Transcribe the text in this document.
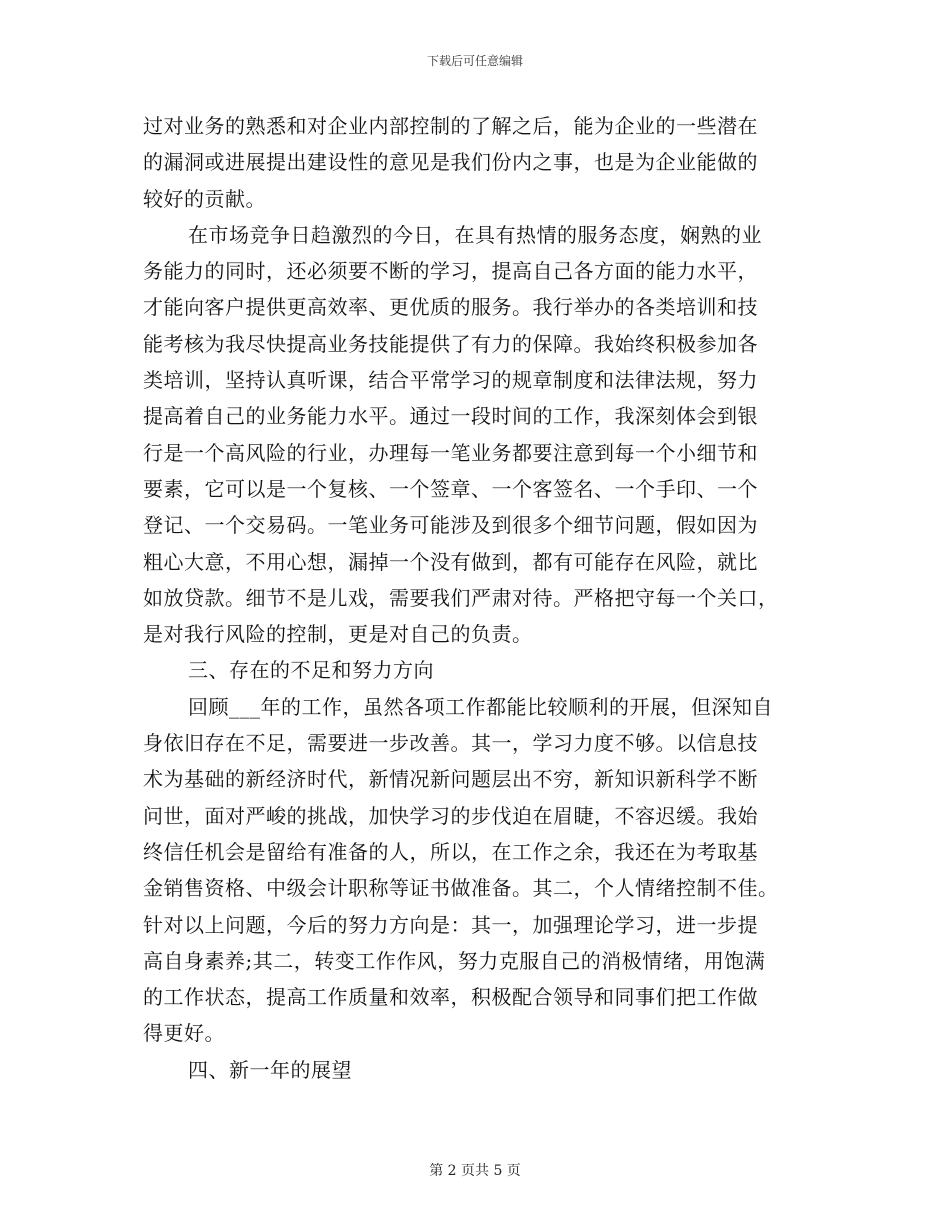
下载后可任意编辑
过对业务的熟悉和对企业内部控制的了解之后，能为企业的一些潜在
的漏洞或进展提出建设性的意见是我们份内之事，也是为企业能做的
较好的贡献。
在市场竞争日趋激烈的今日，在具有热情的服务态度，娴熟的业
务能力的同时，还必须要不断的学习，提高自己各方面的能力水平，
才能向客户提供更高效率、更优质的服务。我行举办的各类培训和技
能考核为我尽快提高业务技能提供了有力的保障。我始终积极参加各
类培训，坚持认真听课，结合平常学习的规章制度和法律法规，努力
提高着自己的业务能力水平。通过一段时间的工作，我深刻体会到银
行是一个高风险的行业，办理每一笔业务都要注意到每一个小细节和
要素，它可以是一个复核、一个签章、一个客签名、一个手印、一个
登记、一个交易码。一笔业务可能涉及到很多个细节问题，假如因为
粗心大意，不用心想，漏掉一个没有做到，都有可能存在风险，就比
如放贷款。细节不是儿戏，需要我们严肃对待。严格把守每一个关口，
是对我行风险的控制，更是对自己的负责。
三、存在的不足和努力方向
回顾___年的工作，虽然各项工作都能比较顺利的开展，但深知自
身依旧存在不足，需要进一步改善。其一，学习力度不够。以信息技
术为基础的新经济时代，新情况新问题层出不穷，新知识新科学不断
问世，面对严峻的挑战，加快学习的步伐迫在眉睫，不容迟缓。我始
终信任机会是留给有准备的人，所以，在工作之余，我还在为考取基
金销售资格、中级会计职称等证书做准备。其二，个人情绪控制不佳。
针对以上问题，今后的努力方向是：其一，加强理论学习，进一步提
高自身素养;其二，转变工作作风，努力克服自己的消极情绪，用饱满
的工作状态，提高工作质量和效率，积极配合领导和同事们把工作做
得更好。
四、新一年的展望
第 2 页共 5 页
